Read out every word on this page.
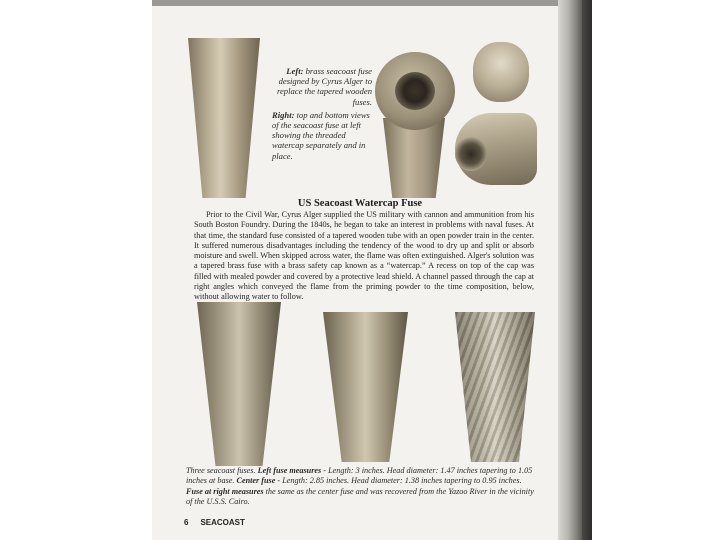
Left: brass seacoast fuse designed by Cyrus Alger to replace the tapered wooden fuses.
Right: top and bottom views of the seacoast fuse at left showing the threaded watercap separately and in place.
US Seacoast Watercap Fuse
Prior to the Civil War, Cyrus Alger supplied the US military with cannon and ammunition from his South Boston Foundry. During the 1840s, he began to take an interest in problems with naval fuses. At that time, the standard fuse consisted of a tapered wooden tube with an open powder train in the center. It suffered numerous disadvantages including the tendency of the wood to dry up and split or absorb moisture and swell. When skipped across water, the flame was often extinguished. Alger's solution was a tapered brass fuse with a brass safety cap known as a “watercap.” A recess on top of the cap was filled with mealed powder and covered by a protective lead shield. A channel passed through the cap at right angles which conveyed the flame from the priming powder to the time composition, below, without allowing water to follow.
Three seacoast fuses. Left fuse measures - Length: 3 inches. Head diameter: 1.47 inches tapering to 1.05 inches at base. Center fuse - Length: 2.85 inches. Head diameter: 1.38 inches tapering to 0.95 inches. Fuse at right measures the same as the center fuse and was recovered from the Yazoo River in the vicinity of the U.S.S. Cairo.
6 SEACOAST
